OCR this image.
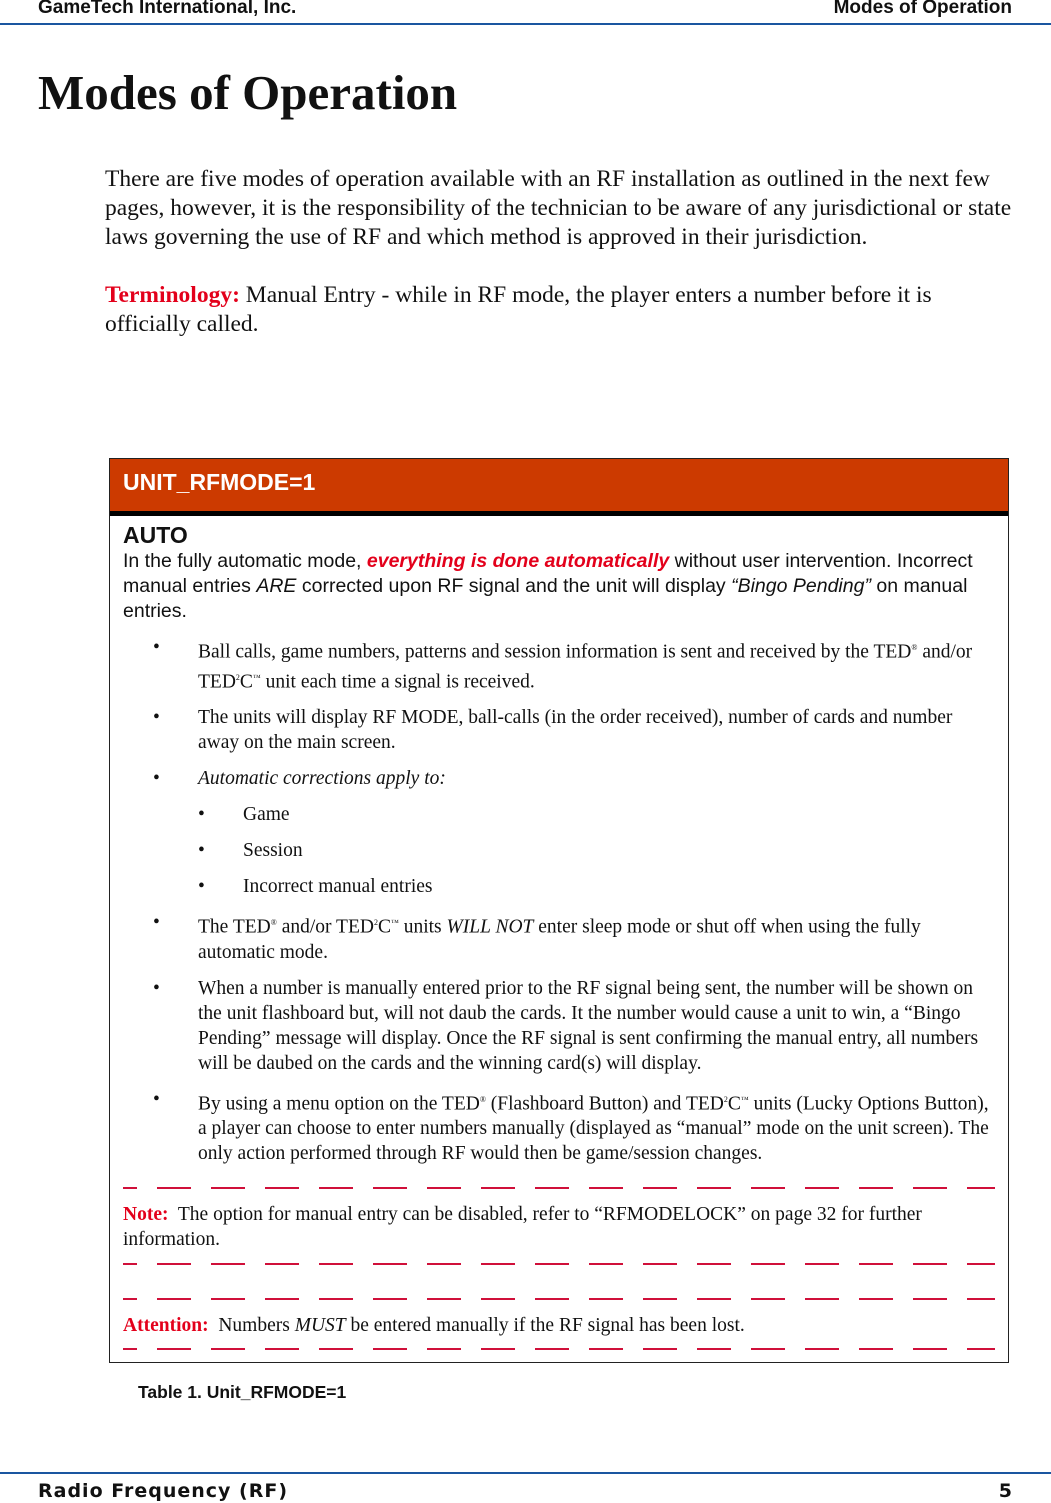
GameTech International, Inc.	Modes of Operation
Modes of Operation

There are five modes of operation available with an RF installation as outlined in the next few pages, however, it is the responsibility of the technician to be aware of any jurisdictional or state laws governing the use of RF and which method is approved in their jurisdiction.

Terminology: Manual Entry - while in RF mode, the player enters a number before it is officially called.

UNIT_RFMODE=1
AUTO

In the fully automatic mode, everything is done automatically without user intervention. Incorrect manual entries ARE corrected upon RF signal and the unit will display “Bingo Pending” on manual entries.

• Ball calls, game numbers, patterns and session information is sent and received by the TED® and/or TED$^2$C™ unit each time a signal is received.
• The units will display RF MODE, ball-calls (in the order received), number of cards and number away on the main screen.
• Automatic corrections apply to:
• Game
• Session
• Incorrect manual entries
• The TED® and/or TED$^2$C™ units WILL NOT enter sleep mode or shut off when using the fully automatic mode.
• When a number is manually entered prior to the RF signal being sent, the number will be shown on the unit flashboard but, will not daub the cards. It the number would cause a unit to win, a “Bingo Pending” message will display. Once the RF signal is sent confirming the manual entry, all numbers will be daubed on the cards and the winning card(s) will display.
• By using a menu option on the TED® (Flashboard Button) and TED$^2$C™ units (Lucky Options Button), a player can choose to enter numbers manually (displayed as “manual” mode on the unit screen). The only action performed through RF would then be game/session changes.

Note:  The option for manual entry can be disabled, refer to “RFMODELOCK” on page 32 for further information.

Attention:  Numbers MUST be entered manually if the RF signal has been lost.

Table 1. Unit_RFMODE=1
Radio Frequency (RF)	5
